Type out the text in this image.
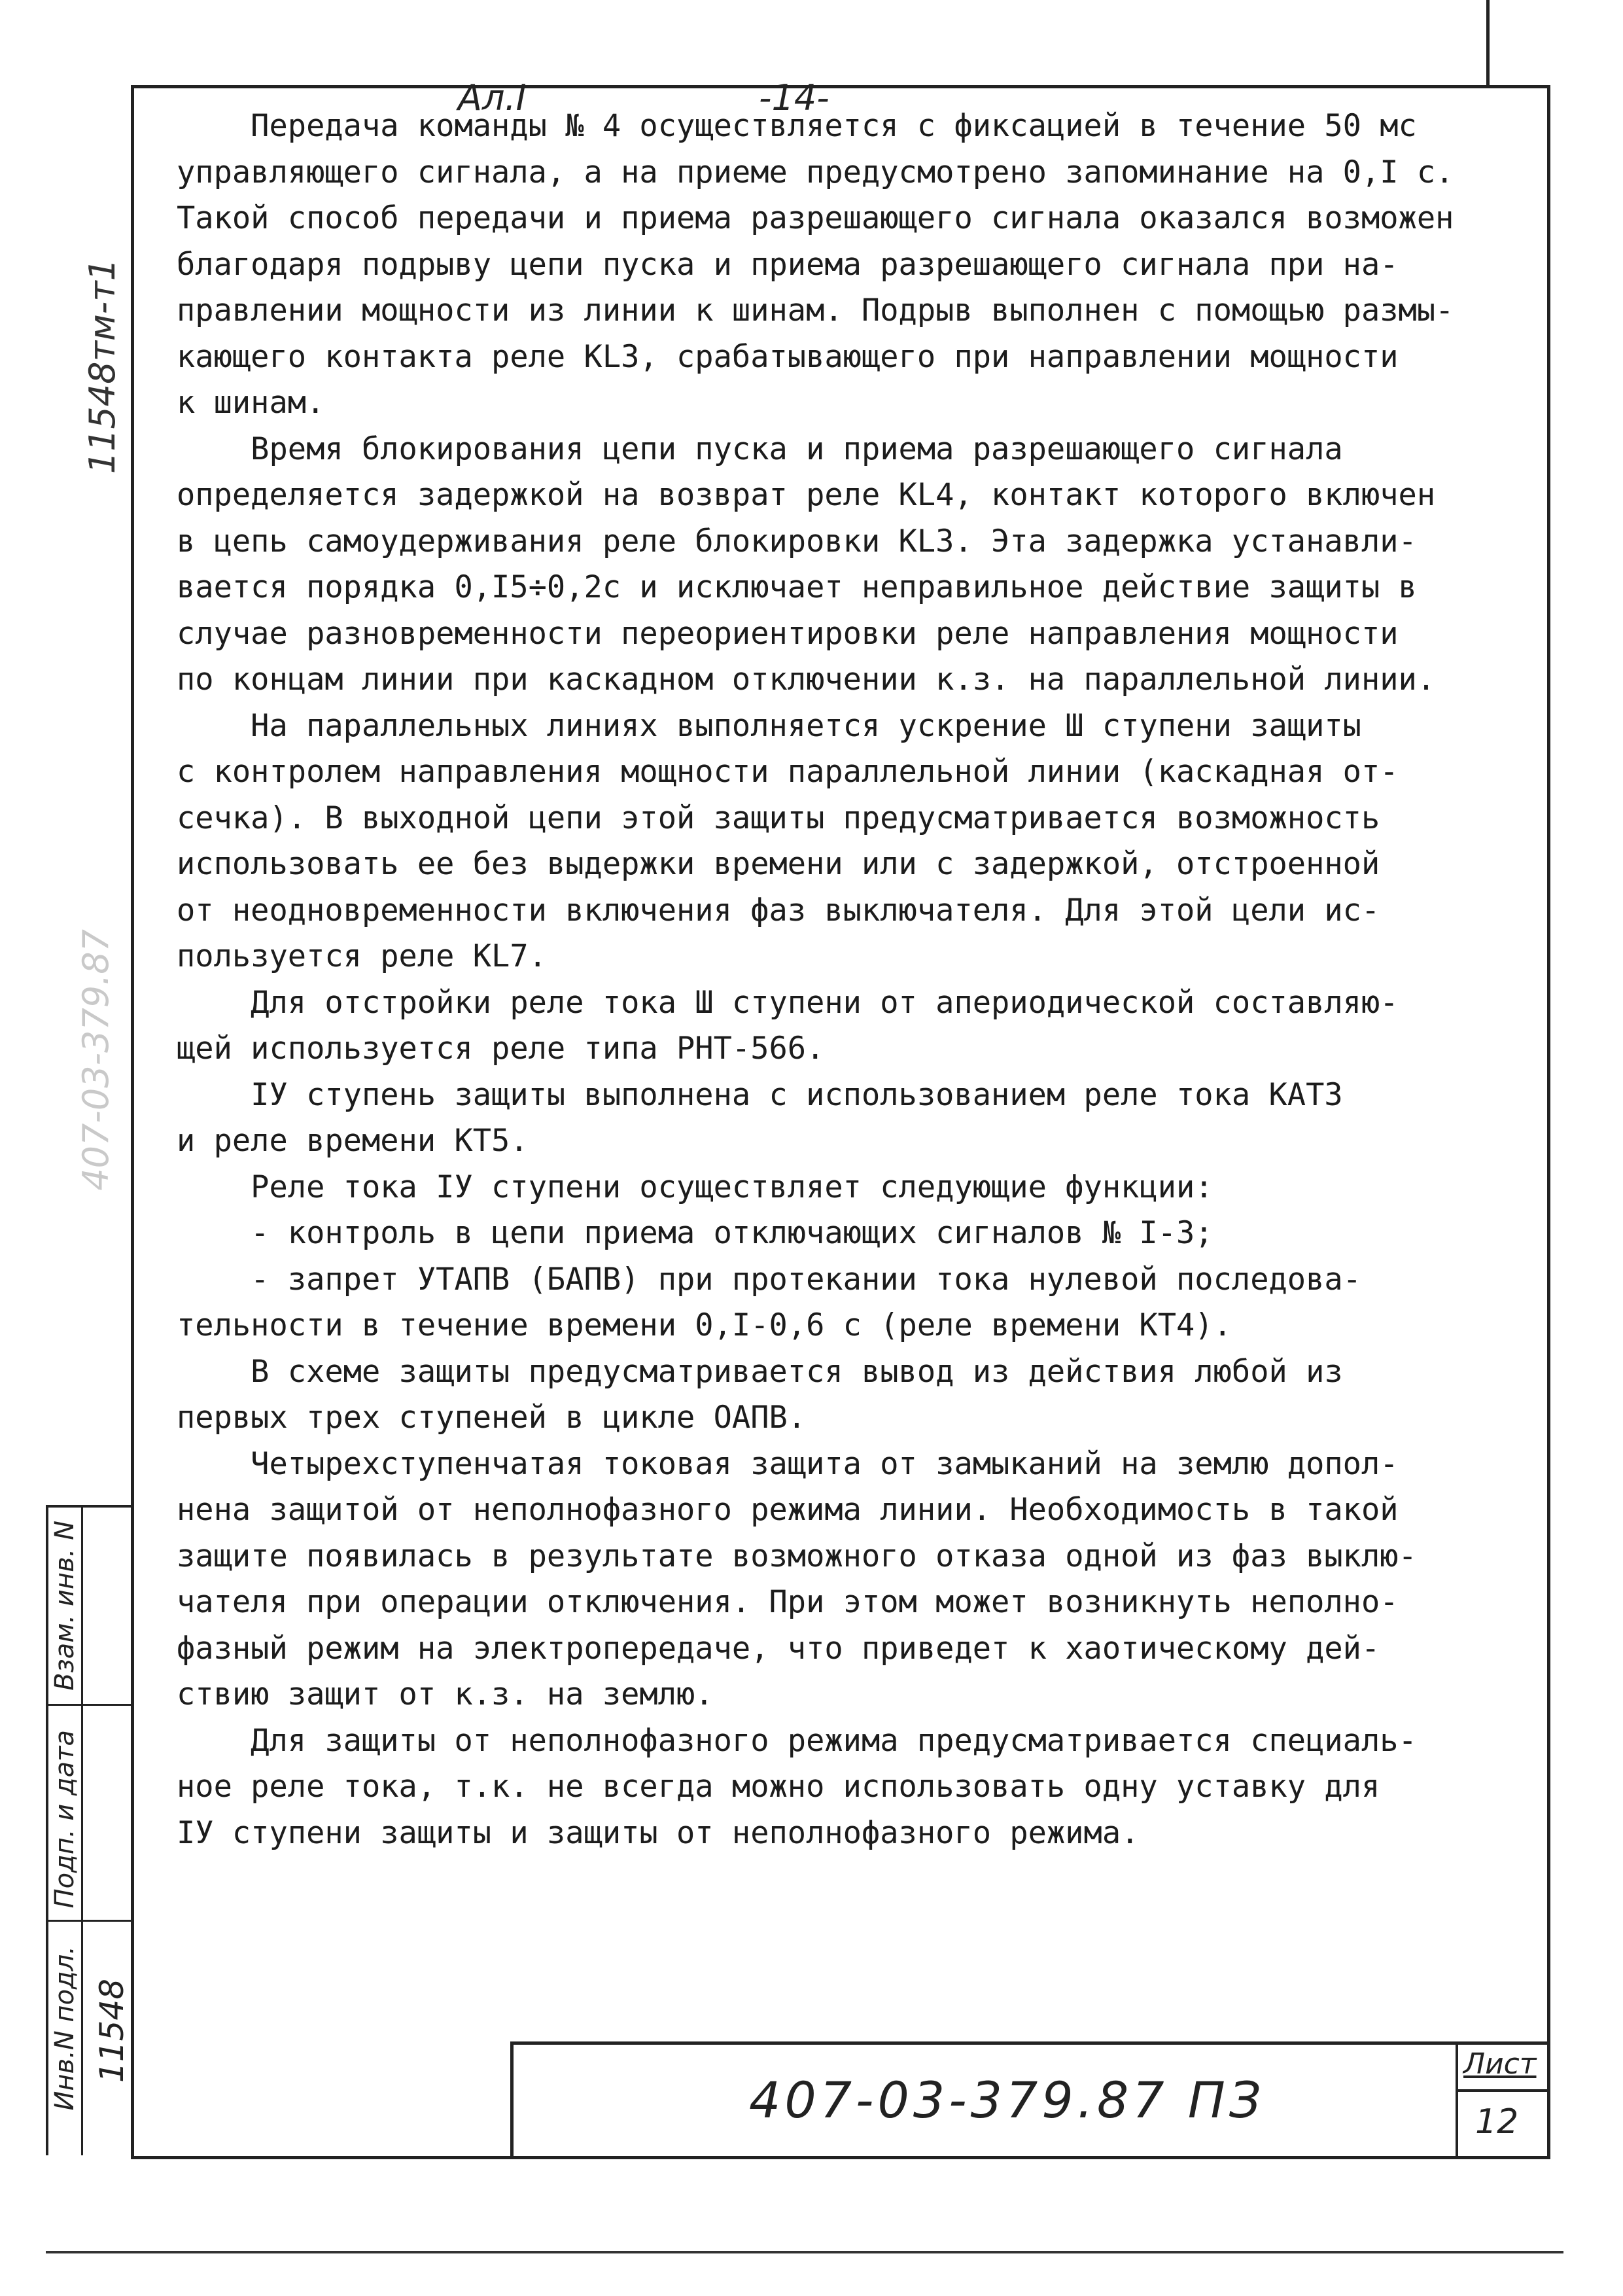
Ал.I	-14-
11548тм-т1
407-03-379.87
Инв.N подл.
Подп. и дата
Взам. инв. N
11548
Передача команды № 4 осуществляется с фиксацией в течение 50 мс
управляющего сигнала, а на приеме предусмотрено запоминание на 0,I с.
Такой способ передачи и приема разрешающего сигнала оказался возможен
благодаря подрыву цепи пуска и приема разрешающего сигнала при на-
правлении мощности из линии к шинам. Подрыв выполнен с помощью размы-
кающего контакта реле КL3, срабатывающего при направлении мощности
к шинам.
Время блокирования цепи пуска и приема разрешающего сигнала
определяется задержкой на возврат реле КL4, контакт которого включен
в цепь самоудерживания реле блокировки КL3. Эта задержка устанавли-
вается порядка 0,I5÷0,2с и исключает неправильное действие защиты в
случае разновременности переориентировки реле направления мощности
по концам линии при каскадном отключении к.з. на параллельной линии.
На параллельных линиях выполняется ускрение Ш ступени защиты
с контролем направления мощности параллельной линии (каскадная от-
сечка). В выходной цепи этой защиты предусматривается возможность
использовать ее без выдержки времени или с задержкой, отстроенной
от неодновременности включения фаз выключателя. Для этой цели ис-
пользуется реле КL7.
Для отстройки реле тока Ш ступени от апериодической составляю-
щей используется реле типа РНТ-566.
IУ ступень защиты выполнена с использованием реле тока КАТ3
и реле времени КТ5.
Реле тока IУ ступени осуществляет следующие функции:
- контроль в цепи приема отключающих сигналов № I-3;
- запрет УТАПВ (БАПВ) при протекании тока нулевой последова-
тельности в течение времени 0,I-0,6 с (реле времени КТ4).
В схеме защиты предусматривается вывод из действия любой из
первых трех ступеней в цикле ОАПВ.
Четырехступенчатая токовая защита от замыканий на землю допол-
нена защитой от неполнофазного режима линии. Необходимость в такой
защите появилась в результате возможного отказа одной из фаз выклю-
чателя при операции отключения. При этом может возникнуть неполно-
фазный режим на электропередаче, что приведет к хаотическому дей-
ствию защит от к.з. на землю.
Для защиты от неполнофазного режима предусматривается специаль-
ное реле тока, т.к. не всегда можно использовать одну уставку для
IУ ступени защиты и защиты от неполнофазного режима.
407-03-379.87 ПЗ
Лист
12
